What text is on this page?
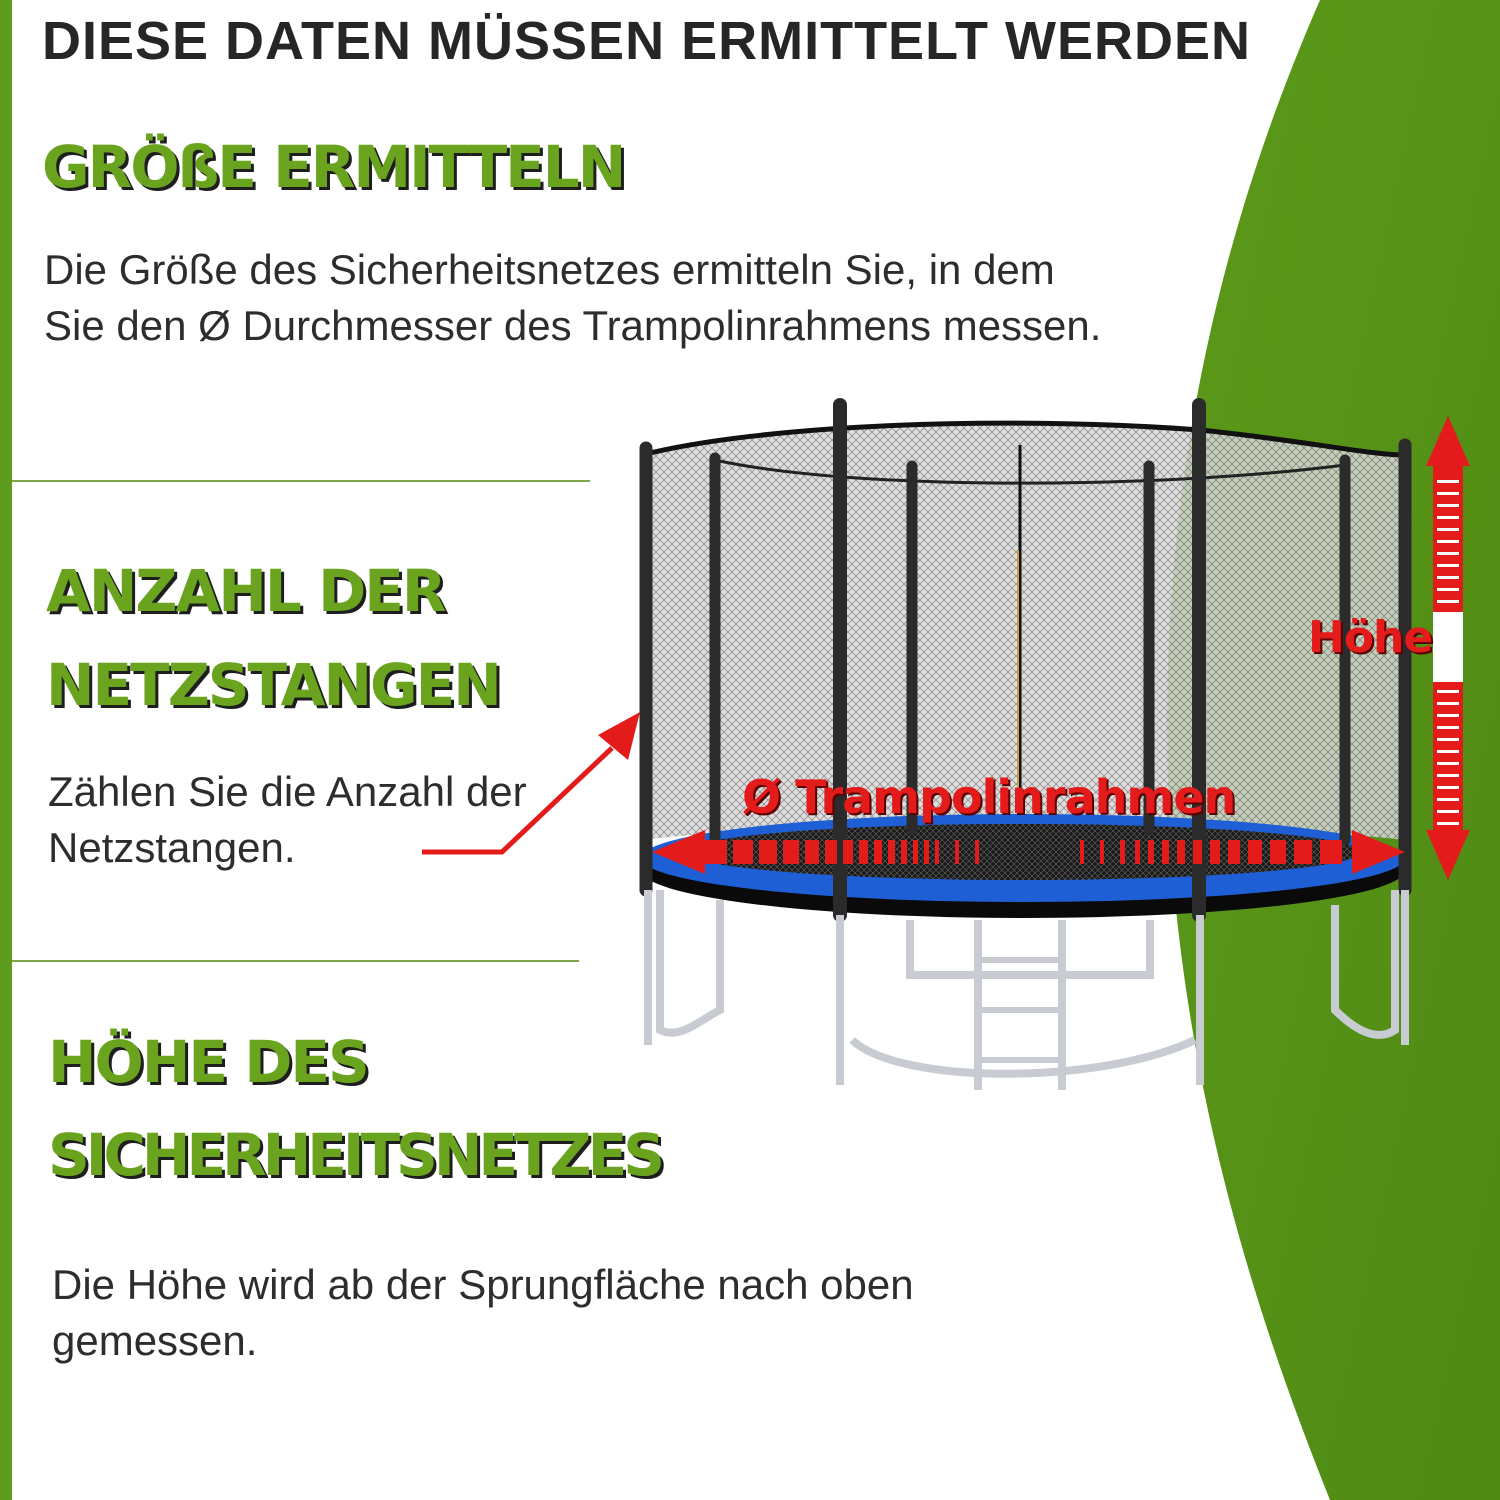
DIESE DATEN MÜSSEN ERMITTELT WERDEN
GRÖßE ERMITTELN

Die Größe des Sicherheitsnetzes ermitteln Sie, in dem Sie den Ø Durchmesser des Trampolinrahmens messen.

ANZAHL DER
NETZSTANGEN

Zählen Sie die Anzahl der Netzstangen.

HÖHE DES
SICHERHEITSNETZES

Die Höhe wird ab der Sprungfläche nach oben gemessen.

Höhe
Ø Trampolinrahmen
